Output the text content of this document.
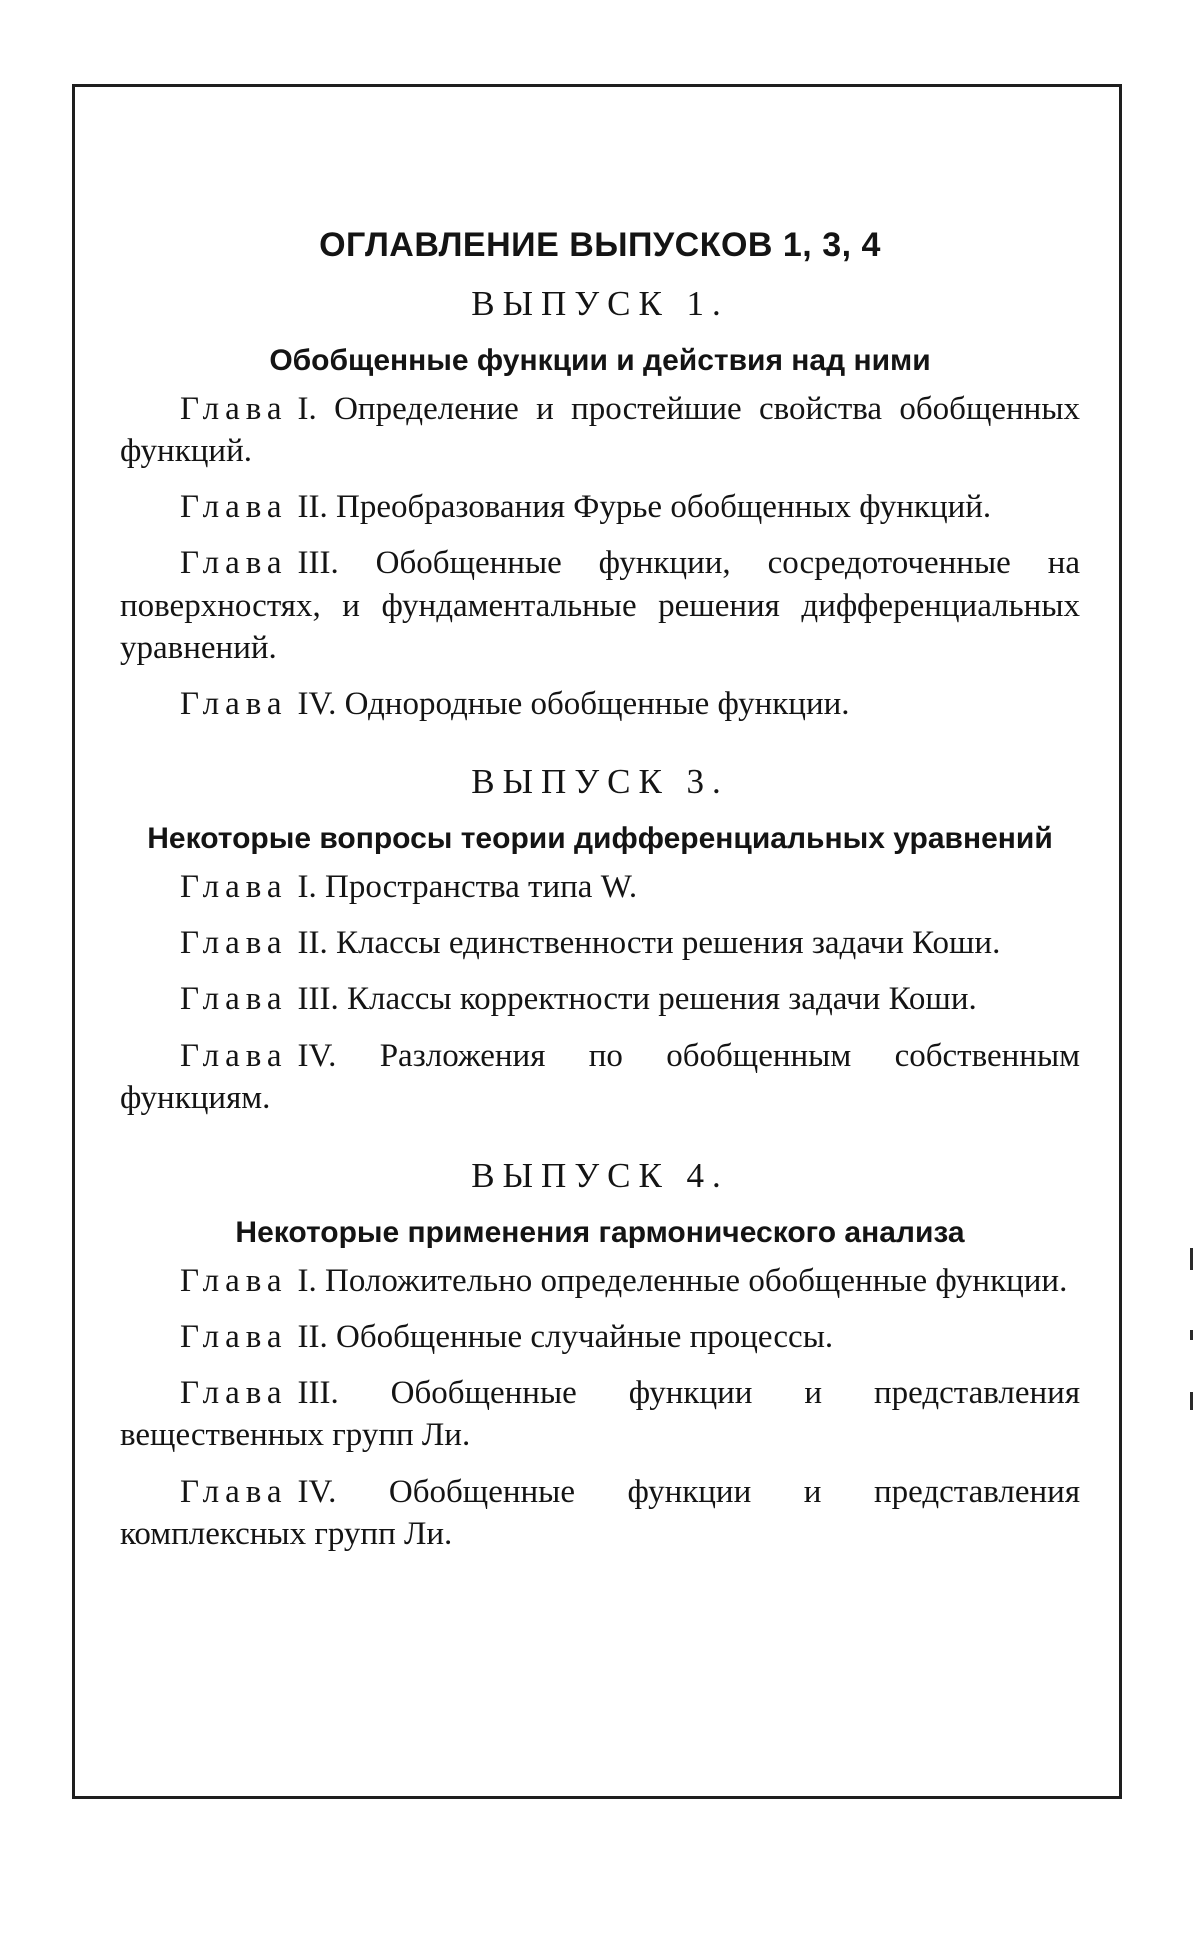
ОГЛАВЛЕНИЕ ВЫПУСКОВ 1, 3, 4
ВЫПУСК 1.
Обобщенные функции и действия над ними

Глава I. Определение и простейшие свойства обобщенных функций.

Глава II. Преобразования Фурье обобщенных функций.

Глава III. Обобщенные функции, сосредоточенные на поверхностях, и фундаментальные решения дифференциальных уравнений.

Глава IV. Однородные обобщенные функции.

ВЫПУСК 3.
Некоторые вопросы теории дифференциальных уравнений

Глава I. Пространства типа W.

Глава II. Классы единственности решения задачи Коши.

Глава III. Классы корректности решения задачи Коши.

Глава IV. Разложения по обобщенным собственным функциям.

ВЫПУСК 4.
Некоторые применения гармонического анализа

Глава I. Положительно определенные обобщенные функции.

Глава II. Обобщенные случайные процессы.

Глава III. Обобщенные функции и представления вещественных групп Ли.

Глава IV. Обобщенные функции и представления комплексных групп Ли.
